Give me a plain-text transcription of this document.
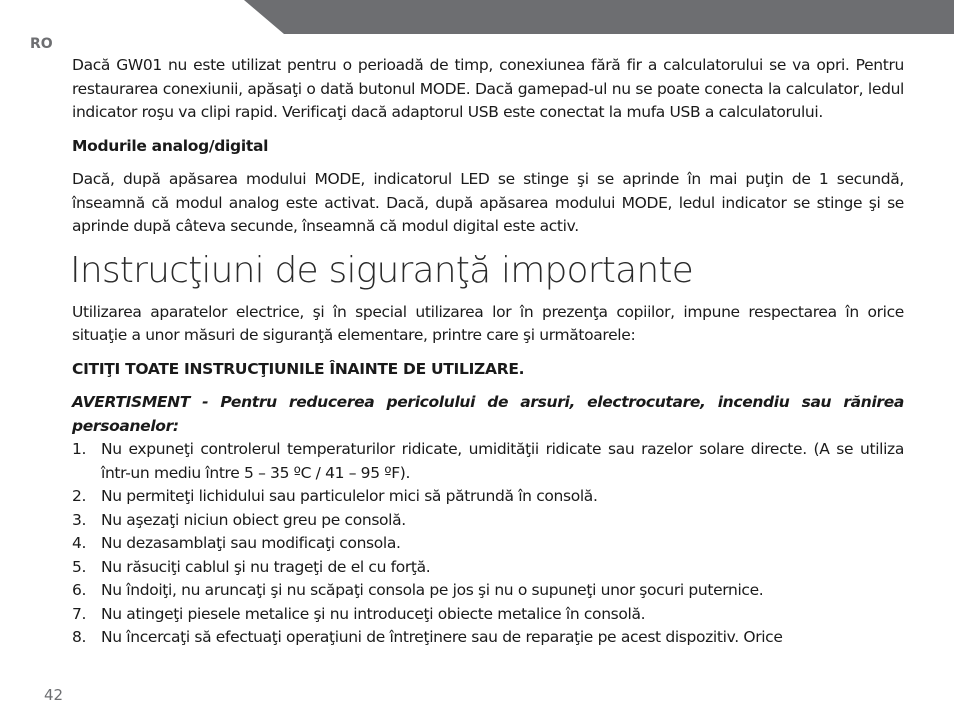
RO

Dacă GW01 nu este utilizat pentru o perioadă de timp, conexiunea fără fir a calculatorului se va opri. Pentru restaurarea conexiunii, apăsaţi o dată butonul MODE. Dacă gamepad-ul nu se poate conecta la calculator, ledul indicator roşu va clipi rapid. Verificaţi dacă adaptorul USB este conectat la mufa USB a calculatorului.

Modurile analog/digital

Dacă, după apăsarea modului MODE, indicatorul LED se stinge şi se aprinde în mai puţin de 1 secundă, înseamnă că modul analog este activat. Dacă, după apăsarea modului MODE, ledul indicator se stinge şi se aprinde după câteva secunde, înseamnă că modul digital este activ.

Instrucţiuni de siguranţă importante

Utilizarea aparatelor electrice, şi în special utilizarea lor în prezenţa copiilor, impune respectarea în orice situaţie a unor măsuri de siguranţă elementare, printre care şi următoarele:

CITIŢI TOATE INSTRUCŢIUNILE ÎNAINTE DE UTILIZARE.

AVERTISMENT - Pentru reducerea pericolului de arsuri, electrocutare, incendiu sau rănirea persoanelor:

1. Nu expuneţi controlerul temperaturilor ridicate, umidităţii ridicate sau razelor solare directe. (A se utiliza într-un mediu între 5 – 35 ºC / 41 – 95 ºF).
2. Nu permiteţi lichidului sau particulelor mici să pătrundă în consolă.
3. Nu aşezaţi niciun obiect greu pe consolă.
4. Nu dezasamblaţi sau modificaţi consola.
5. Nu răsuciţi cablul şi nu trageţi de el cu forţă.
6. Nu îndoiţi, nu aruncaţi şi nu scăpaţi consola pe jos şi nu o supuneţi unor şocuri puternice.
7. Nu atingeţi piesele metalice şi nu introduceţi obiecte metalice în consolă.
8. Nu încercaţi să efectuaţi operaţiuni de întreţinere sau de reparaţie pe acest dispozitiv. Orice
42
